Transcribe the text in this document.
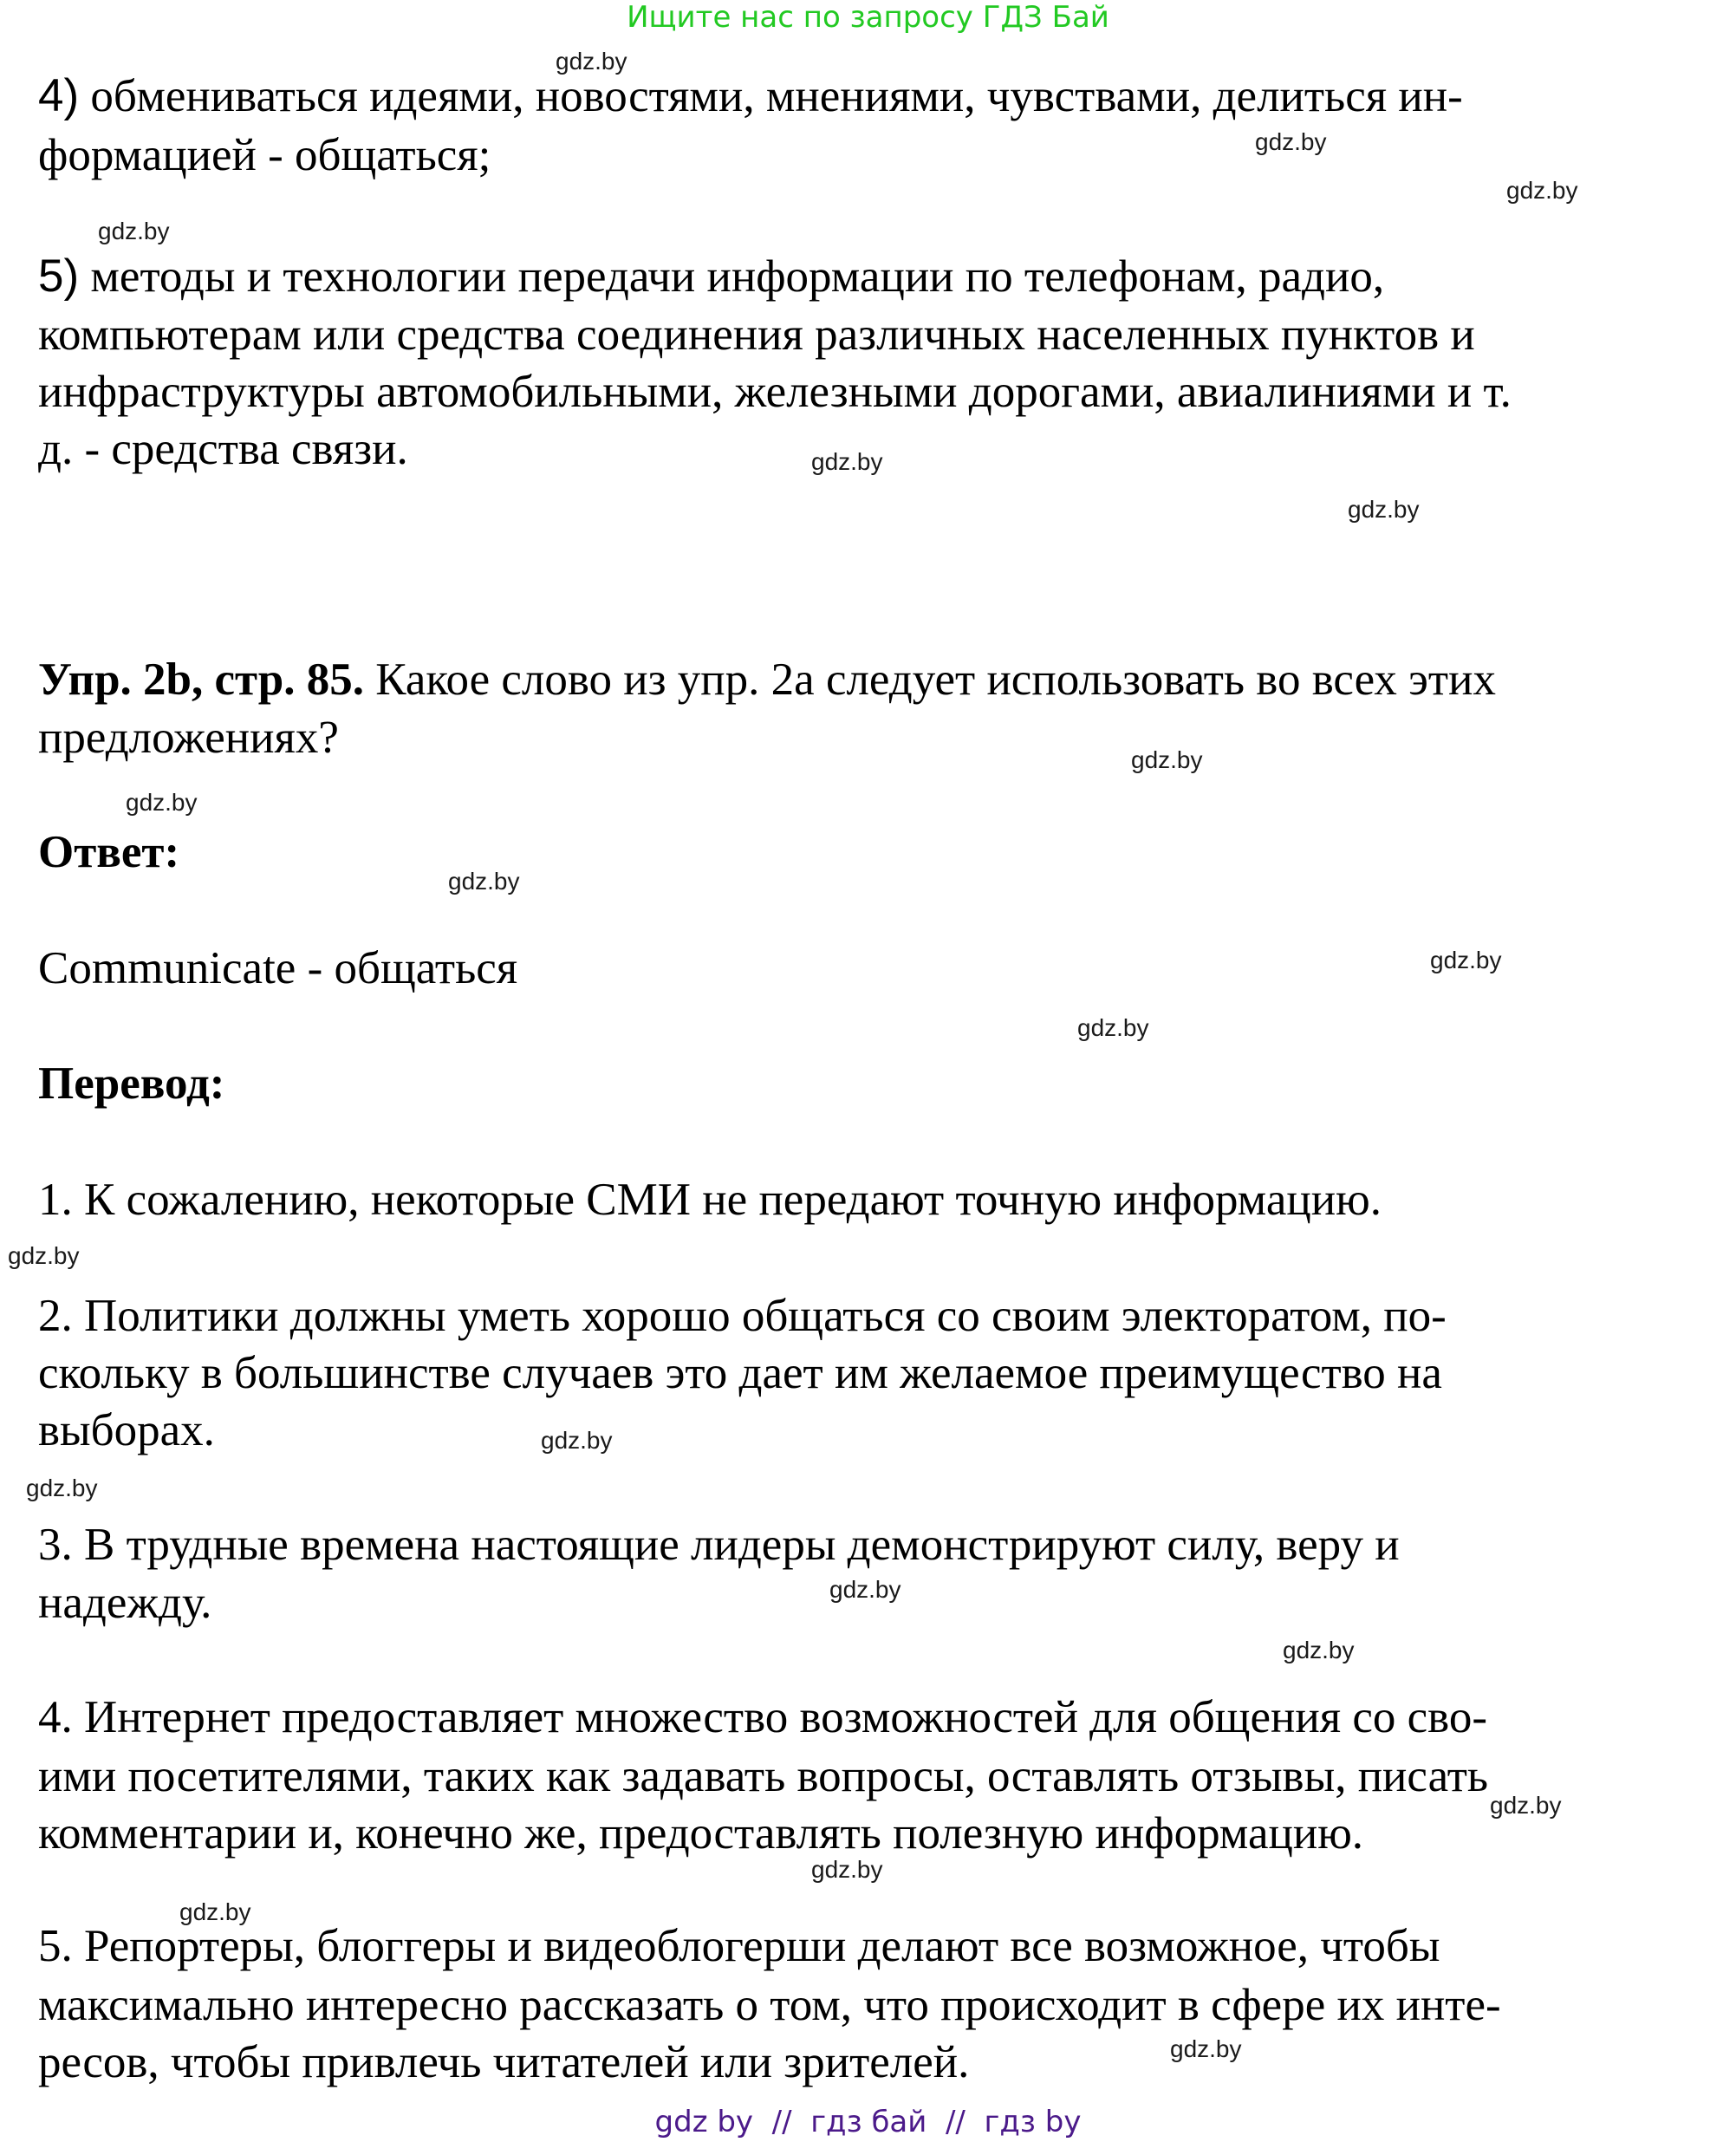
Ищите нас по запросу ГДЗ Бай
4) обмениваться идеями, новостями, мнениями, чувствами, делиться ин-
формацией - общаться;
5) методы и технологии передачи информации по телефонам, радио,
компьютерам или средства соединения различных населенных пунктов и
инфраструктуры автомобильными, железными дорогами, авиалиниями и т.
д. - средства связи.
Упр. 2b, стр. 85. Какое слово из упр. 2а следует использовать во всех этих
предложениях?
Ответ:
Communicate - общаться
Перевод:
1. К сожалению, некоторые СМИ не передают точную информацию.
2. Политики должны уметь хорошо общаться со своим электоратом, по-
скольку в большинстве случаев это дает им желаемое преимущество на
выборах.
3. В трудные времена настоящие лидеры демонстрируют силу, веру и
надежду.
4. Интернет предоставляет множество возможностей для общения со сво-
ими посетителями, таких как задавать вопросы, оставлять отзывы, писать
комментарии и, конечно же, предоставлять полезную информацию.
5. Репортеры, блоггеры и видеоблогерши делают все возможное, чтобы
максимально интересно рассказать о том, что происходит в сфере их инте-
ресов, чтобы привлечь читателей или зрителей.
gdz.by
gdz.by
gdz.by
gdz.by
gdz.by
gdz.by
gdz.by
gdz.by
gdz.by
gdz.by
gdz.by
gdz.by
gdz.by
gdz.by
gdz.by
gdz.by
gdz.by
gdz.by
gdz.by
gdz.by
gdz by  //  гдз бай  //  гдз by
